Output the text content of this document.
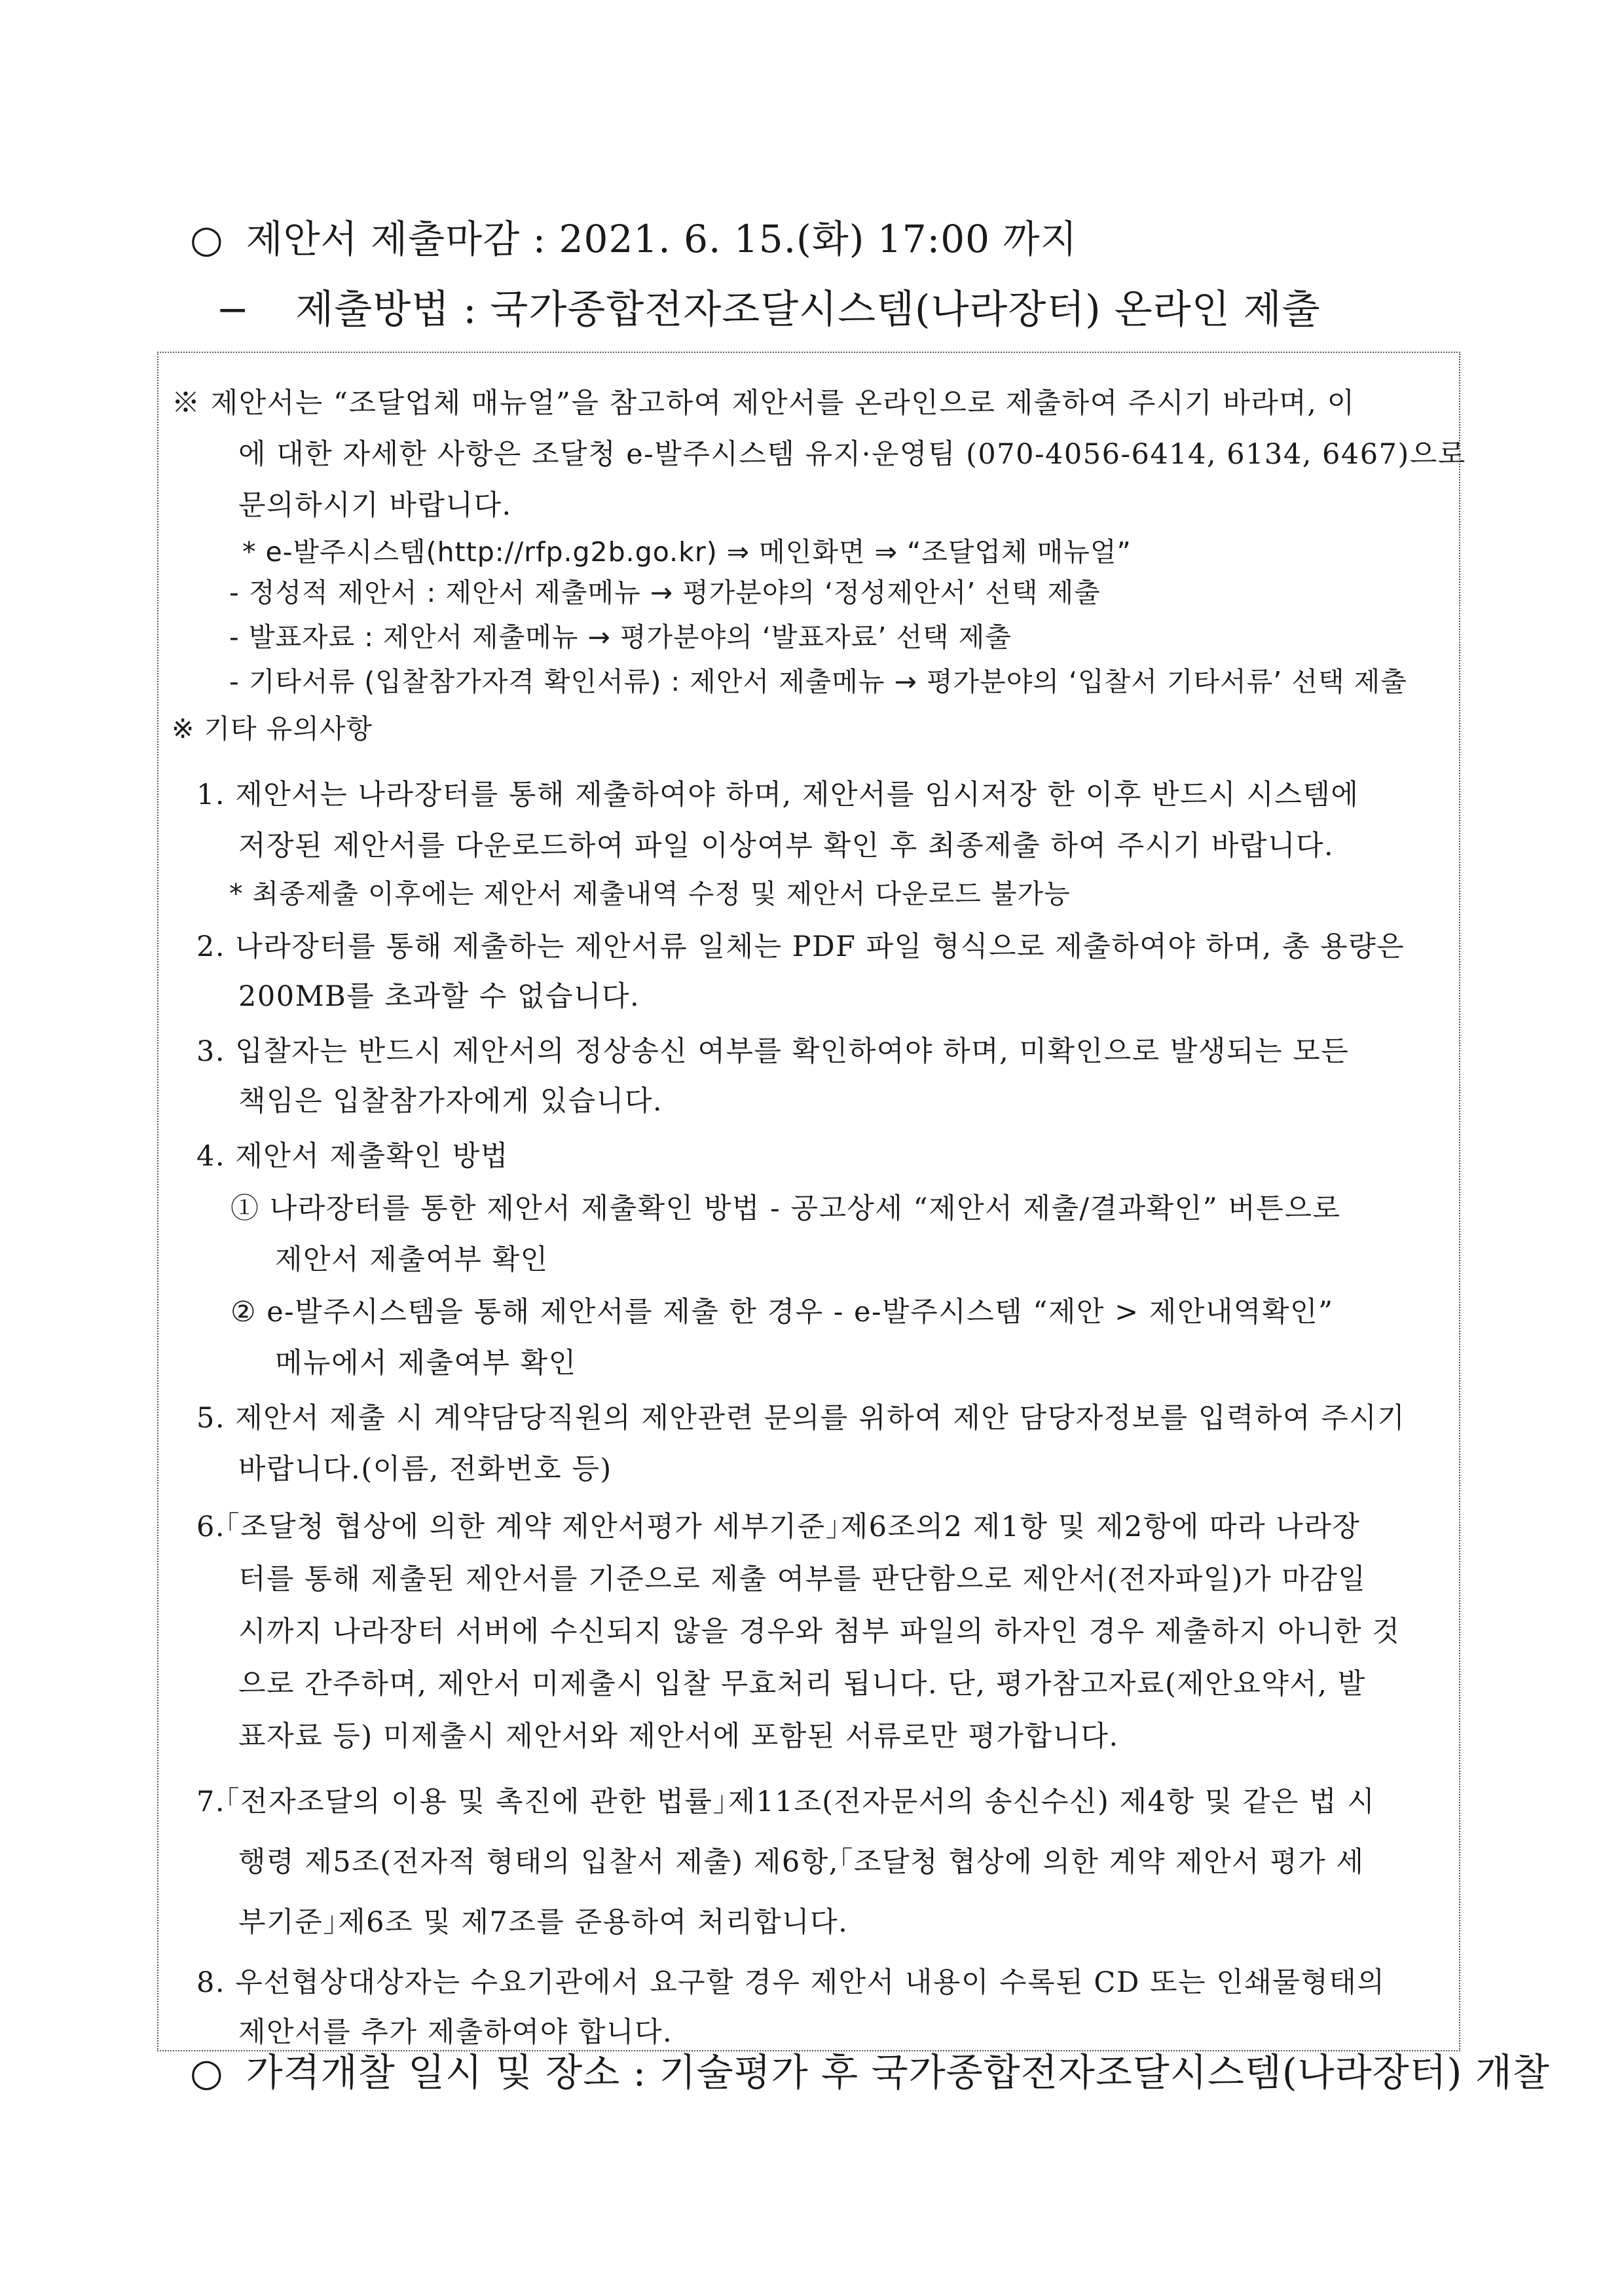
○ 제안서 제출마감 : 2021. 6. 15.(화) 17:00 까지
− 제출방법 : 국가종합전자조달시스템(나라장터) 온라인 제출
※ 제안서는 “조달업체 매뉴얼”을 참고하여 제안서를 온라인으로 제출하여 주시기 바라며, 이
에 대한 자세한 사항은 조달청 e-발주시스템 유지·운영팀 (070-4056-6414, 6134, 6467)으로
문의하시기 바랍니다.
* e-발주시스템(http://rfp.g2b.go.kr) ⇒ 메인화면 ⇒ “조달업체 매뉴얼”
- 정성적 제안서 : 제안서 제출메뉴 → 평가분야의 ‘정성제안서’ 선택 제출
- 발표자료 : 제안서 제출메뉴 → 평가분야의 ‘발표자료’ 선택 제출
- 기타서류 (입찰참가자격 확인서류) : 제안서 제출메뉴 → 평가분야의 ‘입찰서 기타서류’ 선택 제출
※ 기타 유의사항
1. 제안서는 나라장터를 통해 제출하여야 하며, 제안서를 임시저장 한 이후 반드시 시스템에
저장된 제안서를 다운로드하여 파일 이상여부 확인 후 최종제출 하여 주시기 바랍니다.
* 최종제출 이후에는 제안서 제출내역 수정 및 제안서 다운로드 불가능
2. 나라장터를 통해 제출하는 제안서류 일체는 PDF 파일 형식으로 제출하여야 하며, 총 용량은
200MB를 초과할 수 없습니다.
3. 입찰자는 반드시 제안서의 정상송신 여부를 확인하여야 하며, 미확인으로 발생되는 모든
책임은 입찰참가자에게 있습니다.
4. 제안서 제출확인 방법
① 나라장터를 통한 제안서 제출확인 방법 - 공고상세 “제안서 제출/결과확인” 버튼으로
제안서 제출여부 확인
② e-발주시스템을 통해 제안서를 제출 한 경우 - e-발주시스템 “제안 > 제안내역확인”
메뉴에서 제출여부 확인
5. 제안서 제출 시 계약담당직원의 제안관련 문의를 위하여 제안 담당자정보를 입력하여 주시기
바랍니다.(이름, 전화번호 등)
6.｢조달청 협상에 의한 계약 제안서평가 세부기준｣제6조의2 제1항 및 제2항에 따라 나라장
터를 통해 제출된 제안서를 기준으로 제출 여부를 판단함으로 제안서(전자파일)가 마감일
시까지 나라장터 서버에 수신되지 않을 경우와 첨부 파일의 하자인 경우 제출하지 아니한 것
으로 간주하며, 제안서 미제출시 입찰 무효처리 됩니다. 단, 평가참고자료(제안요약서, 발
표자료 등) 미제출시 제안서와 제안서에 포함된 서류로만 평가합니다.
7.｢전자조달의 이용 및 촉진에 관한 법률｣제11조(전자문서의 송신수신) 제4항 및 같은 법 시
행령 제5조(전자적 형태의 입찰서 제출) 제6항,｢조달청 협상에 의한 계약 제안서 평가 세
부기준｣제6조 및 제7조를 준용하여 처리합니다.
8. 우선협상대상자는 수요기관에서 요구할 경우 제안서 내용이 수록된 CD 또는 인쇄물형태의
제안서를 추가 제출하여야 합니다.
○ 가격개찰 일시 및 장소 : 기술평가 후 국가종합전자조달시스템(나라장터) 개찰
